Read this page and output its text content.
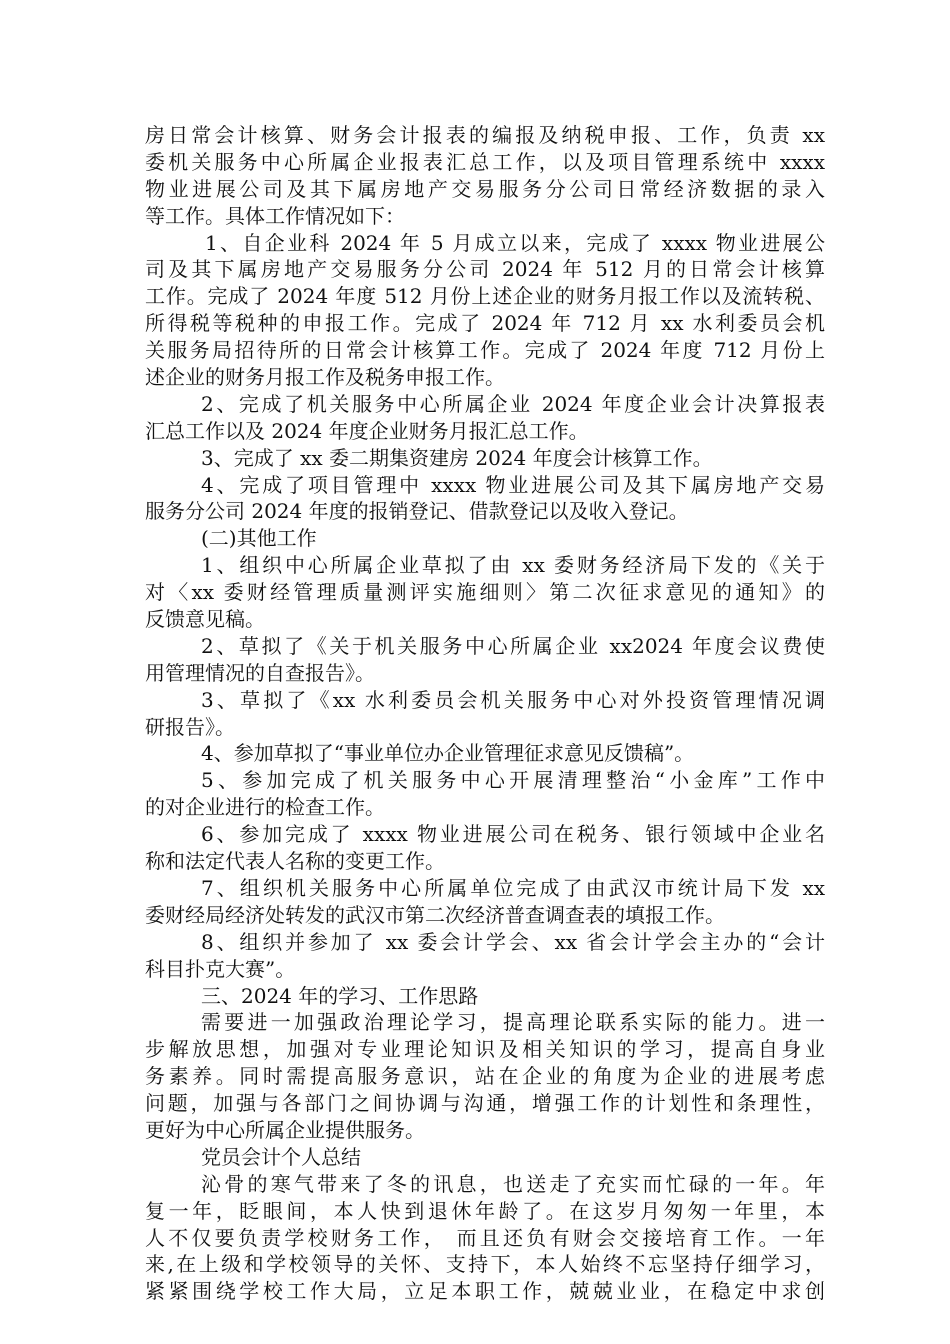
房日常会计核算、财务会计报表的编报及纳税申报、工作，负责 xx

委机关服务中心所属企业报表汇总工作，以及项目管理系统中 xxxx

物业进展公司及其下属房地产交易服务分公司日常经济数据的录入

等工作。具体工作情况如下：

1、自企业科 2024 年 5 月成立以来，完成了 xxxx 物业进展公

司及其下属房地产交易服务分公司 2024 年 512 月的日常会计核算

工作。完成了 2024 年度 512 月份上述企业的财务月报工作以及流转税、

所得税等税种的申报工作。完成了 2024 年 712 月 xx 水利委员会机

关服务局招待所的日常会计核算工作。完成了 2024 年度 712 月份上

述企业的财务月报工作及税务申报工作。

2、完成了机关服务中心所属企业 2024 年度企业会计决算报表

汇总工作以及 2024 年度企业财务月报汇总工作。

3、完成了 xx 委二期集资建房 2024 年度会计核算工作。

4、完成了项目管理中 xxxx 物业进展公司及其下属房地产交易

服务分公司 2024 年度的报销登记、借款登记以及收入登记。

(二)其他工作

1、组织中心所属企业草拟了由 xx 委财务经济局下发的《关于

对〈xx 委财经管理质量测评实施细则〉第二次征求意见的通知》的

反馈意见稿。

2、草拟了《关于机关服务中心所属企业 xx2024 年度会议费使

用管理情况的自查报告》。

3、草拟了《xx 水利委员会机关服务中心对外投资管理情况调

研报告》。

4、参加草拟了“事业单位办企业管理征求意见反馈稿”。

5、参加完成了机关服务中心开展清理整治“小金库”工作中

的对企业进行的检查工作。

6、参加完成了 xxxx 物业进展公司在税务、银行领域中企业名

称和法定代表人名称的变更工作。

7、组织机关服务中心所属单位完成了由武汉市统计局下发 xx

委财经局经济处转发的武汉市第二次经济普查调查表的填报工作。

8、组织并参加了 xx 委会计学会、xx 省会计学会主办的“会计

科目扑克大赛”。

三、2024 年的学习、工作思路

需要进一加强政治理论学习，提高理论联系实际的能力。进一

步解放思想，加强对专业理论知识及相关知识的学习，提高自身业

务素养。同时需提高服务意识，站在企业的角度为企业的进展考虑

问题，加强与各部门之间协调与沟通，增强工作的计划性和条理性，

更好为中心所属企业提供服务。

党员会计个人总结

沁骨的寒气带来了冬的讯息，也送走了充实而忙碌的一年。年

复一年，眨眼间，本人快到退休年龄了。在这岁月匆匆一年里，本

人不仅要负责学校财务工作， 而且还负有财会交接培育工作。一年

来,在上级和学校领导的关怀、支持下，本人始终不忘坚持仔细学习，

紧紧围绕学校工作大局，立足本职工作，兢兢业业，在稳定中求创
